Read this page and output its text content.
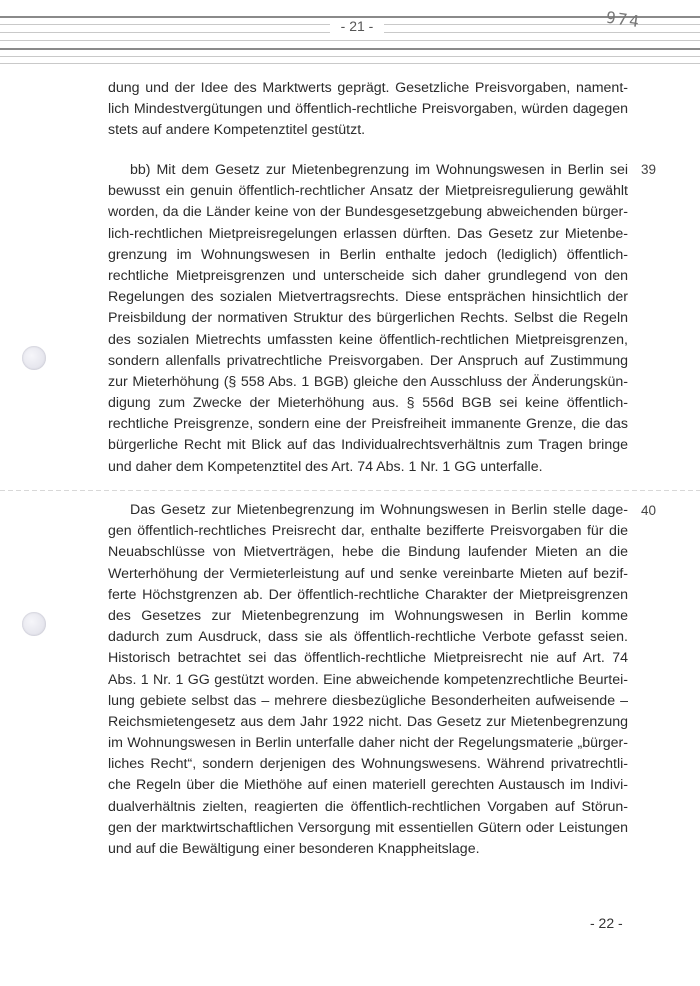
- 21 -	974
dung und der Idee des Marktwerts geprägt. Gesetzliche Preisvorgaben, nament-
lich Mindestvergütungen und öffentlich-rechtliche Preisvorgaben, würden dagegen
stets auf andere Kompetenztitel gestützt.
39
bb) Mit dem Gesetz zur Mietenbegrenzung im Wohnungswesen in Berlin sei
bewusst ein genuin öffentlich-rechtlicher Ansatz der Mietpreisregulierung gewählt
worden, da die Länder keine von der Bundesgesetzgebung abweichenden bürger-
lich-rechtlichen Mietpreisregelungen erlassen dürften. Das Gesetz zur Mietenbe-
grenzung im Wohnungswesen in Berlin enthalte jedoch (lediglich) öffentlich-
rechtliche Mietpreisgrenzen und unterscheide sich daher grundlegend von den
Regelungen des sozialen Mietvertragsrechts. Diese entsprächen hinsichtlich der
Preisbildung der normativen Struktur des bürgerlichen Rechts. Selbst die Regeln
des sozialen Mietrechts umfassten keine öffentlich-rechtlichen Mietpreisgrenzen,
sondern allenfalls privatrechtliche Preisvorgaben. Der Anspruch auf Zustimmung
zur Mieterhöhung (§ 558 Abs. 1 BGB) gleiche den Ausschluss der Änderungskün-
digung zum Zwecke der Mieterhöhung aus. § 556d BGB sei keine öffentlich-
rechtliche Preisgrenze, sondern eine der Preisfreiheit immanente Grenze, die das
bürgerliche Recht mit Blick auf das Individualrechtsverhältnis zum Tragen bringe
und daher dem Kompetenztitel des Art. 74 Abs. 1 Nr. 1 GG unterfalle.
40
Das Gesetz zur Mietenbegrenzung im Wohnungswesen in Berlin stelle dage-
gen öffentlich-rechtliches Preisrecht dar, enthalte bezifferte Preisvorgaben für die
Neuabschlüsse von Mietverträgen, hebe die Bindung laufender Mieten an die
Werterhöhung der Vermieterleistung auf und senke vereinbarte Mieten auf bezif-
ferte Höchstgrenzen ab. Der öffentlich-rechtliche Charakter der Mietpreisgrenzen
des Gesetzes zur Mietenbegrenzung im Wohnungswesen in Berlin komme
dadurch zum Ausdruck, dass sie als öffentlich-rechtliche Verbote gefasst seien.
Historisch betrachtet sei das öffentlich-rechtliche Mietpreisrecht nie auf Art. 74
Abs. 1 Nr. 1 GG gestützt worden. Eine abweichende kompetenzrechtliche Beurtei-
lung gebiete selbst das – mehrere diesbezügliche Besonderheiten aufweisende –
Reichsmietengesetz aus dem Jahr 1922 nicht. Das Gesetz zur Mietenbegrenzung
im Wohnungswesen in Berlin unterfalle daher nicht der Regelungsmaterie „bürger-
liches Recht“, sondern derjenigen des Wohnungswesens. Während privatrechtli-
che Regeln über die Miethöhe auf einen materiell gerechten Austausch im Indivi-
dualverhältnis zielten, reagierten die öffentlich-rechtlichen Vorgaben auf Störun-
gen der marktwirtschaftlichen Versorgung mit essentiellen Gütern oder Leistungen
und auf die Bewältigung einer besonderen Knappheitslage.
- 22 -
